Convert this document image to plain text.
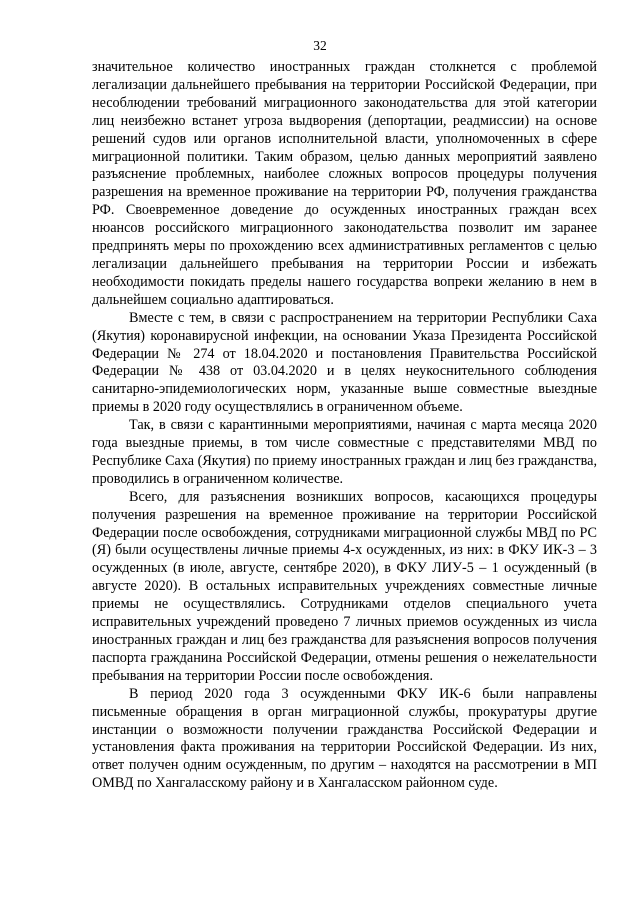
32

значительное количество иностранных граждан столкнется с проблемой легализации дальнейшего пребывания на территории Российской Федерации, при несоблюдении требований миграционного законодательства для этой категории лиц неизбежно встанет угроза выдворения (депортации, реадмиссии) на основе решений судов или органов исполнительной власти, уполномоченных в сфере миграционной политики. Таким образом, целью данных мероприятий заявлено разъяснение проблемных, наиболее сложных вопросов процедуры получения разрешения на временное проживание на территории РФ, получения гражданства РФ. Своевременное доведение до осужденных иностранных граждан всех нюансов российского миграционного законодательства позволит им заранее предпринять меры по прохождению всех административных регламентов с целью легализации дальнейшего пребывания на территории России и избежать необходимости покидать пределы нашего государства вопреки желанию в нем в дальнейшем социально адаптироваться.

Вместе с тем, в связи с распространением на территории Республики Саха (Якутия) коронавирусной инфекции, на основании Указа Президента Российской Федерации № 274 от 18.04.2020 и постановления Правительства Российской Федерации № 438 от 03.04.2020 и в целях неукоснительного соблюдения санитарно-эпидемиологических норм, указанные выше совместные выездные приемы в 2020 году осуществлялись в ограниченном объеме.

Так, в связи с карантинными мероприятиями, начиная с марта месяца 2020 года выездные приемы, в том числе совместные с представителями МВД по Республике Саха (Якутия) по приему иностранных граждан и лиц без гражданства, проводились в ограниченном количестве.

Всего, для разъяснения возникших вопросов, касающихся процедуры получения разрешения на временное проживание на территории Российской Федерации после освобождения, сотрудниками миграционной службы МВД по РС (Я) были осуществлены личные приемы 4-х осужденных, из них: в ФКУ ИК-3 – 3 осужденных (в июле, августе, сентябре 2020), в ФКУ ЛИУ-5 – 1 осужденный (в августе 2020). В остальных исправительных учреждениях совместные личные приемы не осуществлялись. Сотрудниками отделов специального учета исправительных учреждений проведено 7 личных приемов осужденных из числа иностранных граждан и лиц без гражданства для разъяснения вопросов получения паспорта гражданина Российской Федерации, отмены решения о нежелательности пребывания на территории России после освобождения.

В период 2020 года 3 осужденными ФКУ ИК-6 были направлены письменные обращения в орган миграционной службы, прокуратуры другие инстанции о возможности получении гражданства Российской Федерации и установления факта проживания на территории Российской Федерации. Из них, ответ получен одним осужденным, по другим – находятся на рассмотрении в МП ОМВД по Хангаласскому району и в Хангаласском районном суде.
